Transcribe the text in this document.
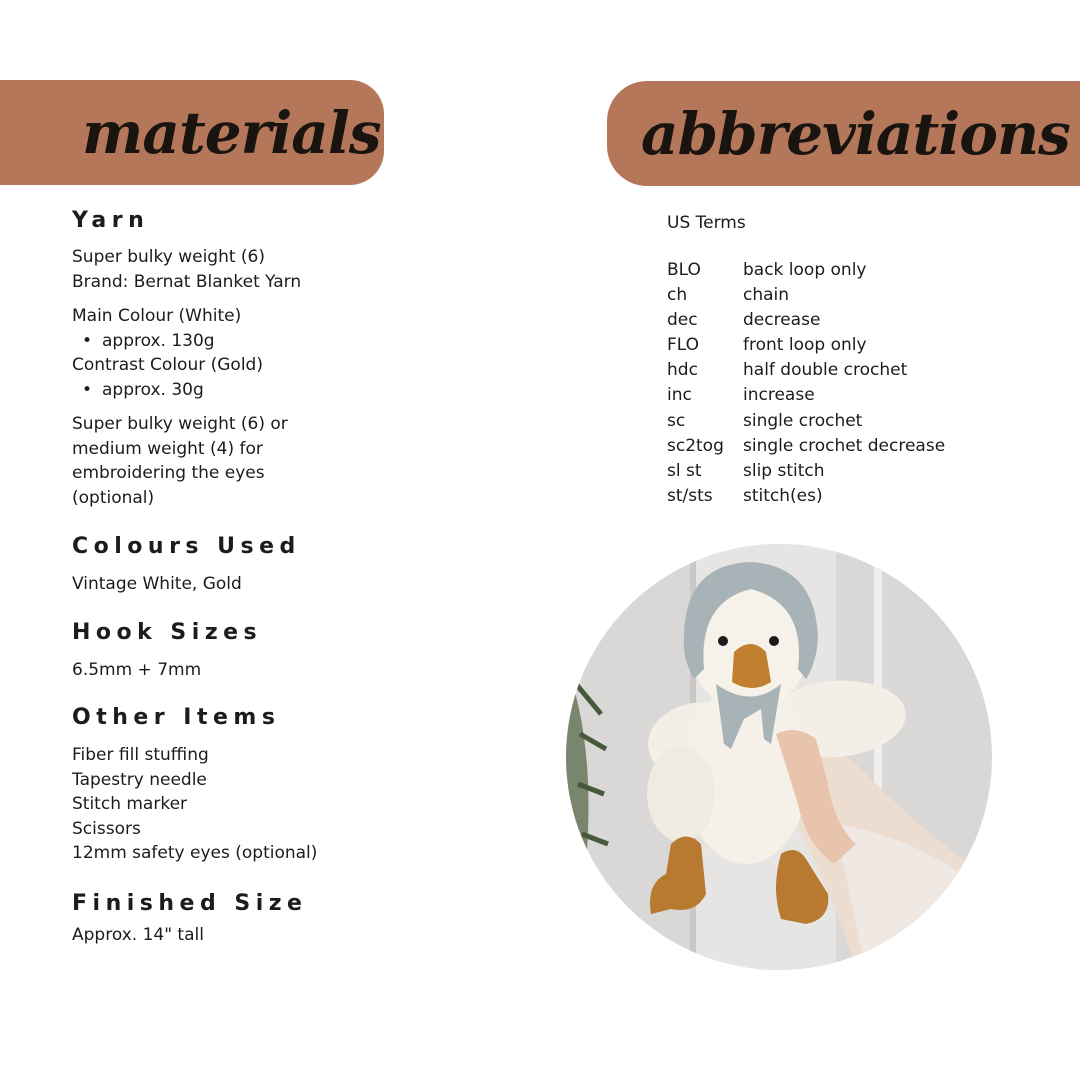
materials	abbreviations
Yarn

Super bulky weight (6)

Brand: Bernat Blanket Yarn

Main Colour (White)

• approx. 130g

Contrast Colour (Gold)

• approx. 30g

Super bulky weight (6) or

medium weight (4) for

embroidering the eyes

(optional)

Colours Used

Vintage White, Gold

Hook Sizes

6.5mm + 7mm

Other Items

Fiber fill stuffing

Tapestry needle

Stitch marker

Scissors

12mm safety eyes (optional)

Finished Size

Approx. 14" tall

US Terms
BLO	back loop only
ch	chain
dec	decrease
FLO	front loop only
hdc	half double crochet
inc	increase
sc	single crochet
sc2tog	single crochet decrease
sl st	slip stitch
st/sts	stitch(es)
